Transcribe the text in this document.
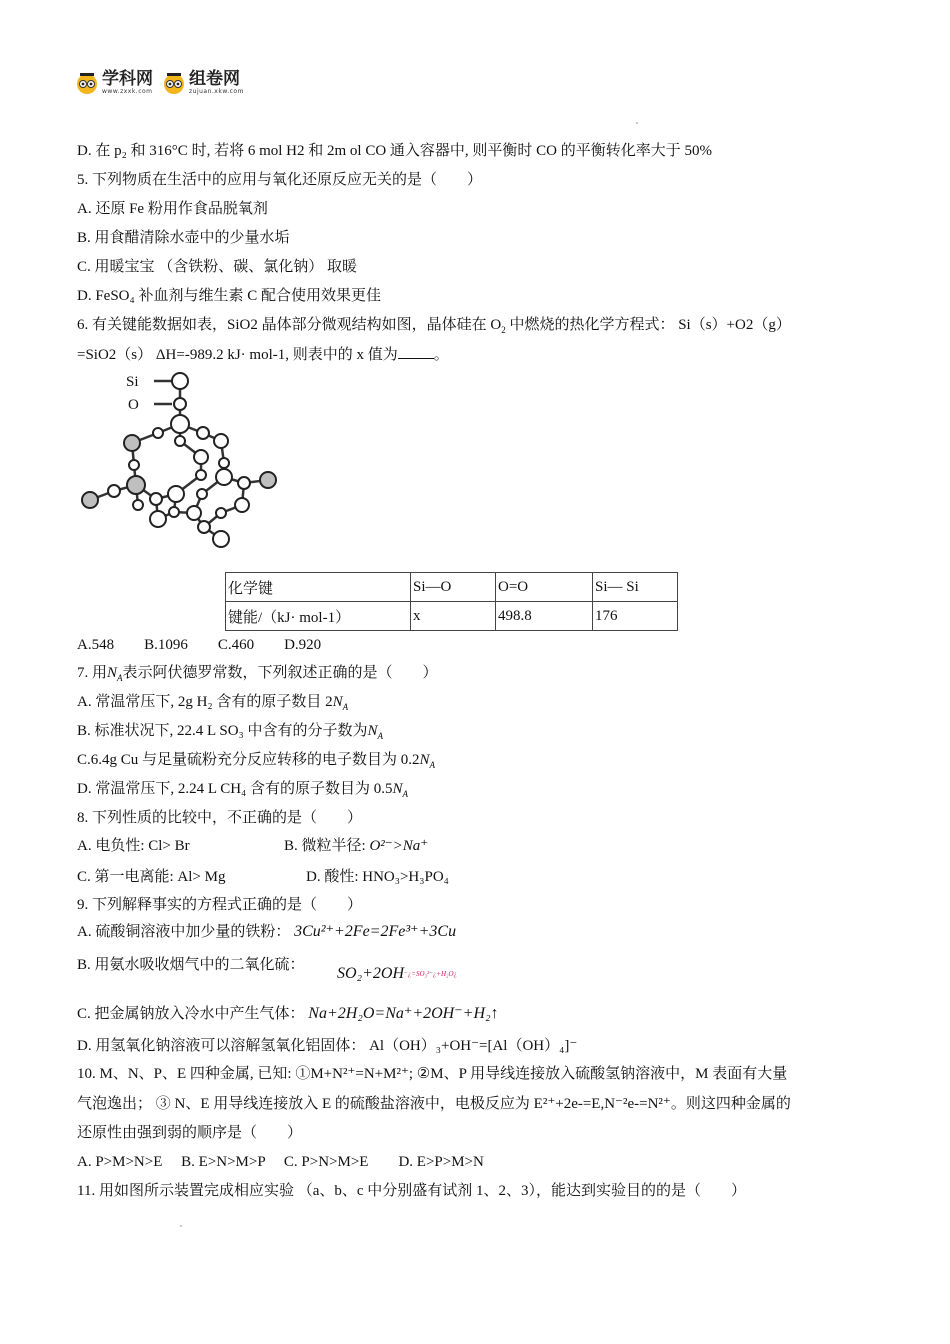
学科网
www.zxxk.com
组卷网
zujuan.xkw.com
D. 在 p₂ 和 316°C 时, 若将 6 mol H2 和 2m ol CO 通入容器中, 则平衡时 CO 的平衡转化率大于 50%
5. 下列物质在生活中的应用与氧化还原反应无关的是（　　）
A. 还原 Fe 粉用作食品脱氧剂
B. 用食醋清除水壶中的少量水垢
C. 用暖宝宝 （含铁粉、碳、氯化钠） 取暖
D. FeSO₄ 补血剂与维生素 C 配合使用效果更佳
6. 有关键能数据如表，SiO2 晶体部分微观结构如图，晶体硅在 $O_2$ 中燃烧的热化学方程式： Si（s）+O2（g）
=SiO2（s） ΔH=-989.2 kJ· mol-1, 则表中的 x 值为 。
Si
O
化学键	Si—O	O=O	Si— Si
键能/（kJ· mol-1）	x	498.8	176
A.548　　B.1096　　C.460　　D.920
7. 用$N_A$表示阿伏德罗常数，下列叙述正确的是（　　）
A. 常温常压下, 2g H₂ 含有的原子数目 $2N_A$
B. 标准状况下, 22.4 L SO₃ 中含有的分子数为$N_A$
C.6.4g Cu 与足量硫粉充分反应转移的电子数目为 $0.2N_A$
D. 常温常压下, 2.24 L CH₄ 含有的原子数目为 $0.5N_A$
8. 下列性质的比较中，不正确的是（　　）
A. 电负性: Cl> Br	B. 微粒半径: O²⁻>Na⁺
C. 第一电离能: Al> Mg	D. 酸性: HNO₃>H₃PO₄
9. 下列解释事实的方程式正确的是（　　）
A. 硫酸铜溶液中加少量的铁粉： 3Cu²⁺+2Fe=2Fe³⁺+3Cu
B. 用氨水吸收烟气中的二氧化硫： $SO_2+2OH^{^-¿=SO_3^{2-}¿+H_2O¿}$
C. 把金属钠放入冷水中产生气体： Na+2H₂O=Na⁺+2OH⁻+H₂↑
D. 用氢氧化钠溶液可以溶解氢氧化铝固体： Al（OH）₃+OH⁻=[Al（OH）₄]⁻
10. M、N、P、E 四种金属, 已知: ①M+N²⁺=N+M²⁺; ②M、P 用导线连接放入硫酸氢钠溶液中，M 表面有大量
气泡逸出； ③ N、E 用导线连接放入 E 的硫酸盐溶液中，电极反应为 E²⁺+2e-=E,N⁻²e-=N²⁺。则这四种金属的
还原性由强到弱的顺序是（　　）
A. P>M>N>E　 B. E>N>M>P　 C. P>N>M>E　　D. E>P>M>N
11. 用如图所示装置完成相应实验 （a、b、c 中分别盛有试剂 1、2、3），能达到实验目的的是（　　）
